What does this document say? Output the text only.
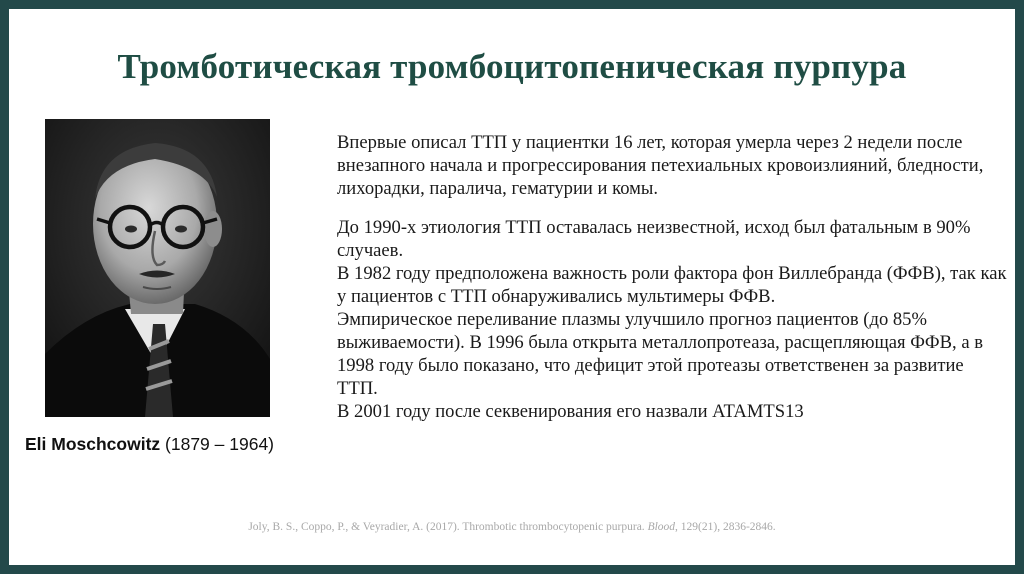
Тромботическая тромбоцитопеническая пурпура
Eli Moschcowitz (1879 – 1964)

Впервые описал ТТП у пациентки 16 лет, которая умерла через 2 недели после внезапного начала и прогрессирования петехиальных кровоизлияний, бледности, лихорадки, паралича, гематурии и комы.

До 1990-х этиология ТТП оставалась неизвестной, исход был фатальным в 90% случаев.

В 1982 году предположена важность роли фактора фон Виллебранда (ФФВ), так как у пациентов с ТТП обнаруживались мультимеры ФФВ.

Эмпирическое переливание плазмы улучшило прогноз пациентов (до 85% выживаемости). В 1996 была открыта металлопротеаза, расщепляющая ФФВ, а в 1998 году было показано, что дефицит этой протеазы ответственен за развитие ТТП.

В 2001 году после секвенирования его назвали ATAMTS13

Joly, B. S., Coppo, P., & Veyradier, A. (2017). Thrombotic thrombocytopenic purpura. Blood, 129(21), 2836-2846.
